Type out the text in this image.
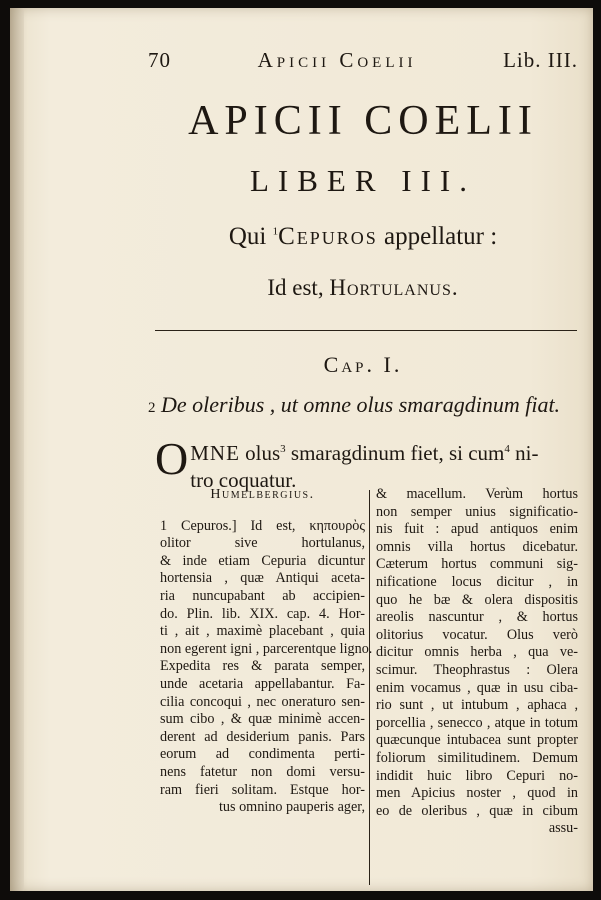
70	Apicii Coelii	Lib. III.
APICII COELII
LIBER III.
Qui $^1$Cepuros appellatur :
Id est, Hortulanus.
Cap. I.
2 De oleribus , ut omne olus smaragdinum fiat.
O MNE olus$^3$ smaragdinum fiet, si cum$^4$ ni-
tro coquatur.
Humelbergius.
1 Cepuros.] Id est, κηπουρὸς
olitor sive hortulanus,
& inde etiam Cepuria dicuntur
hortensia , quæ Antiqui aceta-
ria nuncupabant ab accipien-
do. Plin. lib. XIX. cap. 4. Hor-
ti , ait , maximè placebant , quia
non egerent igni , parcerentque ligno.
Expedita res & parata semper,
unde acetaria appellabantur. Fa-
cilia concoqui , nec oneraturo sen-
sum cibo , & quæ minimè accen-
derent ad desiderium panis. Pars
eorum ad condimenta perti-
nens fatetur non domi versu-
ram fieri solitam. Estque hor-
tus omnino pauperis ager,
& macellum. Verùm hortus
non semper unius significatio-
nis fuit : apud antiquos enim
omnis villa hortus dicebatur.
Cæterum hortus communi sig-
nificatione locus dicitur , in
quo he bæ & olera dispositis
areolis nascuntur , & hortus
olitorius vocatur. Olus verò
dicitur omnis herba , qua ve-
scimur. Theophrastus : Olera
enim vocamus , quæ in usu ciba-
rio sunt , ut intubum , aphaca ,
porcellia , senecco , atque in totum
quæcunque intubacea sunt propter
foliorum similitudinem. Demum
indidit huic libro Cepuri no-
men Apicius noster , quod in
eo de oleribus , quæ in cibum
assu-
